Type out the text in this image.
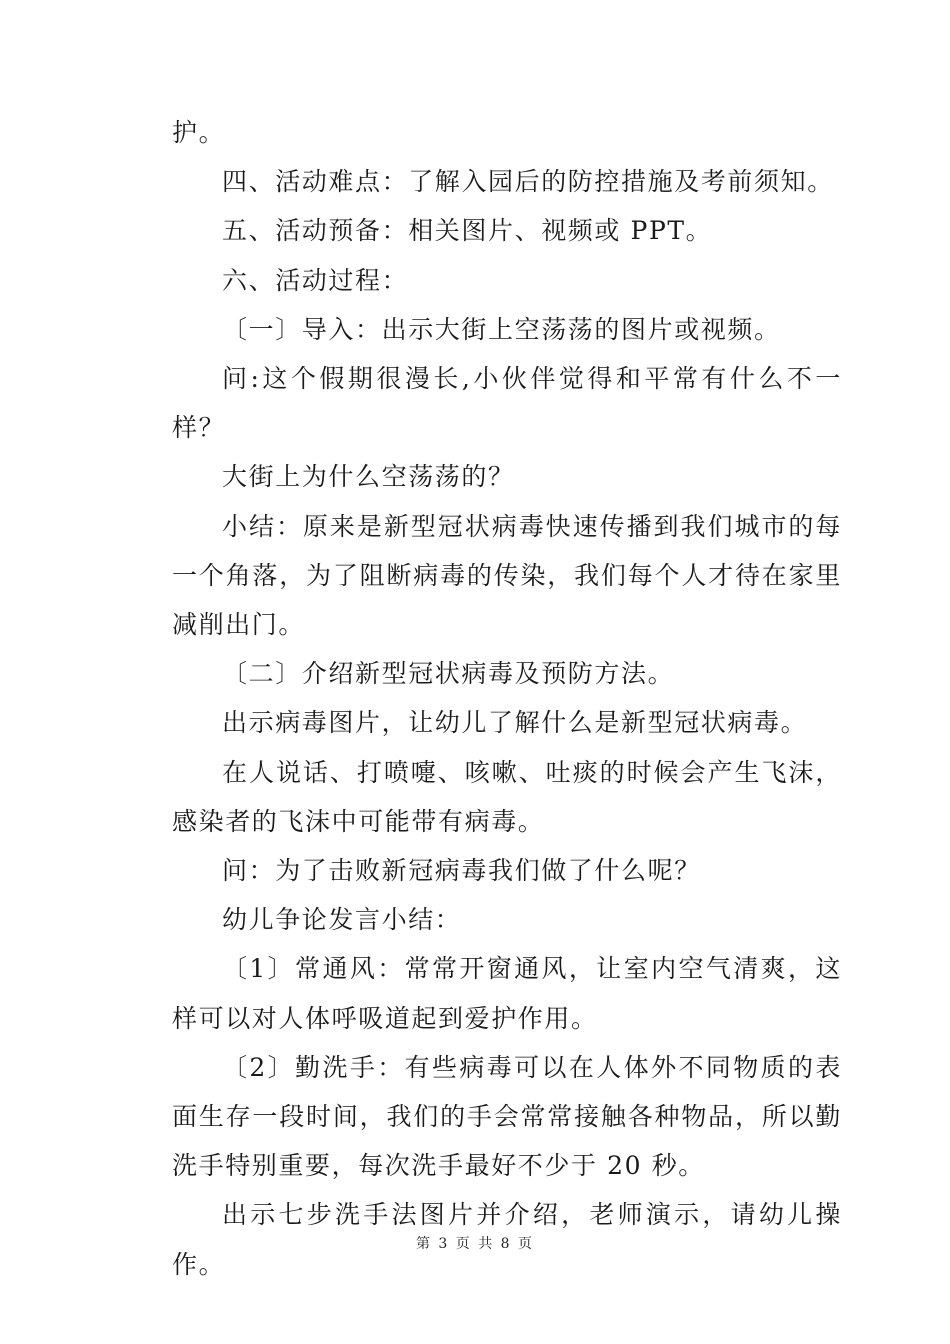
护。

四、活动难点：了解入园后的防控措施及考前须知。

五、活动预备：相关图片、视频或 PPT。

六、活动过程：

〔一〕导入：出示大街上空荡荡的图片或视频。

问:这个假期很漫长,小伙伴觉得和平常有什么不一样？

大街上为什么空荡荡的？

小结：原来是新型冠状病毒快速传播到我们城市的每一个角落，为了阻断病毒的传染，我们每个人才待在家里减削出门。

〔二〕介绍新型冠状病毒及预防方法。

出示病毒图片，让幼儿了解什么是新型冠状病毒。

在人说话、打喷嚏、咳嗽、吐痰的时候会产生飞沫，感染者的飞沫中可能带有病毒。

问：为了击败新冠病毒我们做了什么呢？

幼儿争论发言小结：

〔1〕常通风：常常开窗通风，让室内空气清爽，这样可以对人体呼吸道起到爱护作用。

〔2〕勤洗手：有些病毒可以在人体外不同物质的表面生存一段时间，我们的手会常常接触各种物品，所以勤洗手特别重要，每次洗手最好不少于 20 秒。

出示七步洗手法图片并介绍，老师演示，请幼儿操作。

第 3 页 共 8 页
